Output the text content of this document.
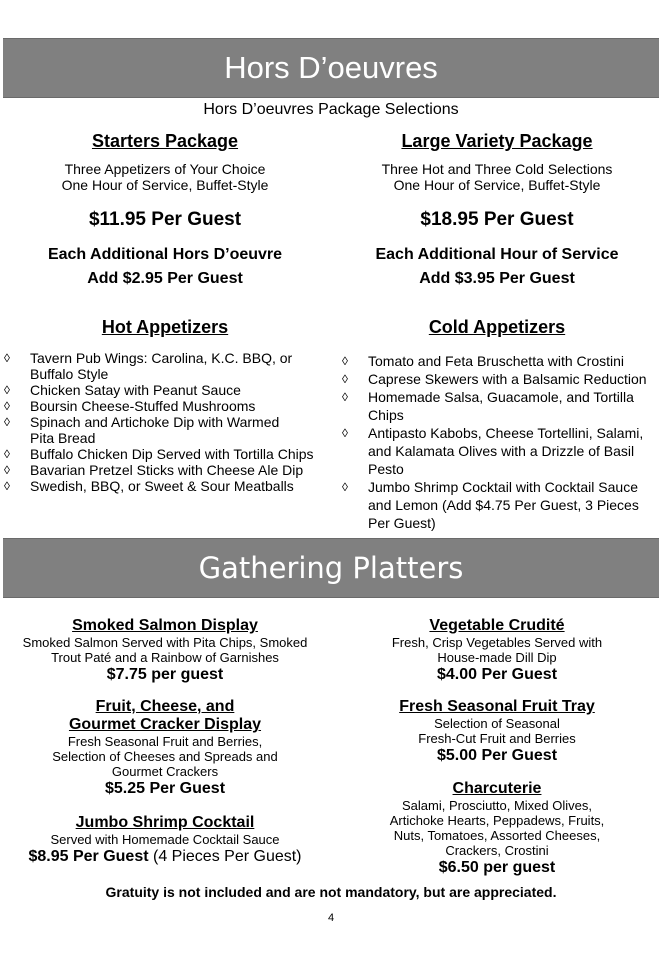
Hors D’oeuvres
Hors D’oeuvres Package Selections
Starters Package
Three Appetizers of Your Choice
One Hour of Service, Buffet-Style
$11.95 Per Guest
Each Additional Hors D’oeuvre
Add $2.95 Per Guest
Large Variety Package
Three Hot and Three Cold Selections
One Hour of Service, Buffet-Style
$18.95 Per Guest
Each Additional Hour of Service
Add $3.95 Per Guest
Hot Appetizers	Cold Appetizers
◊ Tavern Pub Wings: Carolina, K.C. BBQ, or Buffalo Style
◊ Chicken Satay with Peanut Sauce
◊ Boursin Cheese-Stuffed Mushrooms
◊ Spinach and Artichoke Dip with Warmed Pita Bread
◊ Buffalo Chicken Dip Served with Tortilla Chips
◊ Bavarian Pretzel Sticks with Cheese Ale Dip
◊ Swedish, BBQ, or Sweet & Sour Meatballs
◊ Tomato and Feta Bruschetta with Crostini
◊ Caprese Skewers with a Balsamic Reduction
◊ Homemade Salsa, Guacamole, and Tortilla Chips
◊ Antipasto Kabobs, Cheese Tortellini, Salami, and Kalamata Olives with a Drizzle of Basil Pesto
◊ Jumbo Shrimp Cocktail with Cocktail Sauce and Lemon (Add $4.75 Per Guest, 3 Pieces Per Guest)
Gathering Platters
Smoked Salmon Display
Smoked Salmon Served with Pita Chips, Smoked
Trout Paté and a Rainbow of Garnishes
$7.75 per guest
Fruit, Cheese, and
Gourmet Cracker Display
Fresh Seasonal Fruit and Berries,
Selection of Cheeses and Spreads and
Gourmet Crackers
$5.25 Per Guest
Jumbo Shrimp Cocktail
Served with Homemade Cocktail Sauce
$8.95 Per Guest (4 Pieces Per Guest)
Vegetable Crudité
Fresh, Crisp Vegetables Served with
House-made Dill Dip
$4.00 Per Guest
Fresh Seasonal Fruit Tray
Selection of Seasonal
Fresh-Cut Fruit and Berries
$5.00 Per Guest
Charcuterie
Salami, Prosciutto, Mixed Olives,
Artichoke Hearts, Peppadews, Fruits,
Nuts, Tomatoes, Assorted Cheeses,
Crackers, Crostini
$6.50 per guest
Gratuity is not included and are not mandatory, but are appreciated.
4
